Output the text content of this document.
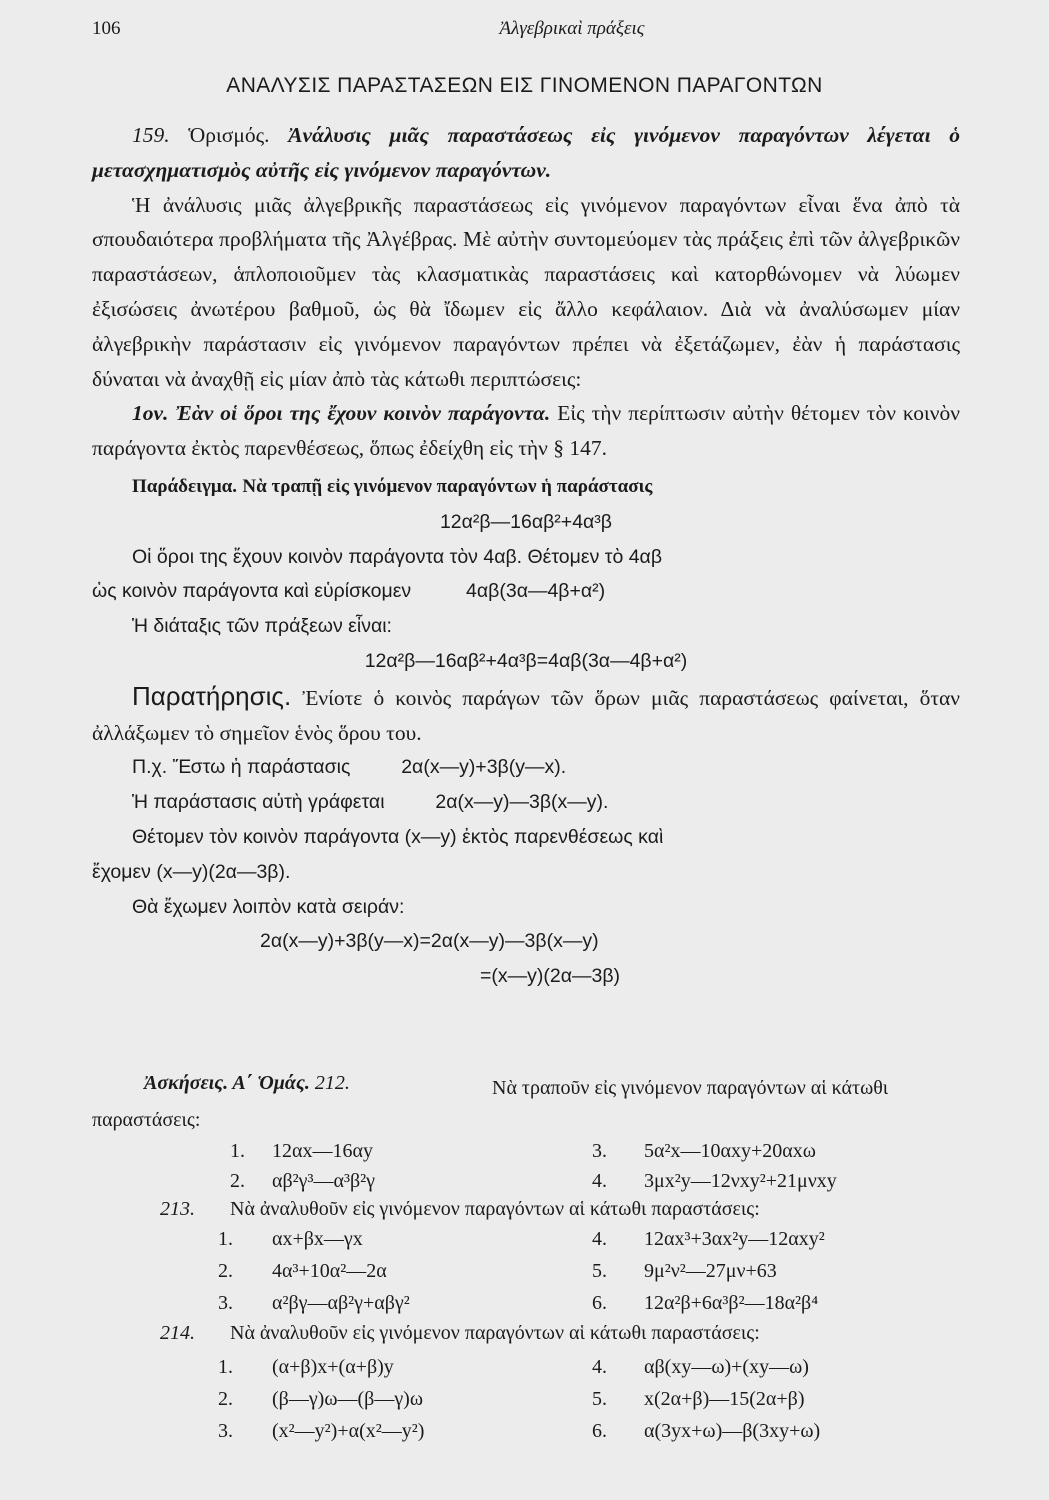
106	Ἀλγεβρικαὶ πράξεις
ΑΝΑΛΥΣΙΣ ΠΑΡΑΣΤΑΣΕΩΝ ΕΙΣ ΓΙΝΟΜΕΝΟΝ ΠΑΡΑΓΟΝΤΩΝ

159. Ὁρισμός. Ἀνάλυσις μιᾶς παραστάσεως εἰς γινόμενον παραγόντων λέγεται ὁ μετασχηματισμὸς αὐτῆς εἰς γινόμενον παραγόντων.

Ἡ ἀνάλυσις μιᾶς ἀλγεβρικῆς παραστάσεως εἰς γινόμενον παραγόντων εἶναι ἕνα ἀπὸ τὰ σπουδαιότερα προβλήματα τῆς Ἀλγέβρας. Μὲ αὐτὴν συντομεύομεν τὰς πράξεις ἐπὶ τῶν ἀλγεβρικῶν παραστάσεων, ἁπλοποιοῦμεν τὰς κλασματικὰς παραστάσεις καὶ κατορθώνομεν νὰ λύωμεν ἐξισώσεις ἀνωτέρου βαθμοῦ, ὡς θὰ ἴδωμεν εἰς ἄλλο κεφάλαιον. Διὰ νὰ ἀναλύσωμεν μίαν ἀλγεβρικὴν παράστασιν εἰς γινόμενον παραγόντων πρέπει νὰ ἐξετάζωμεν, ἐὰν ἡ παράστασις δύναται νὰ ἀναχθῇ εἰς μίαν ἀπὸ τὰς κάτωθι περιπτώσεις:

1ον. Ἐὰν οἱ ὅροι της ἔχουν κοινὸν παράγοντα. Εἰς τὴν περίπτωσιν αὐτὴν θέτομεν τὸν κοινὸν παράγοντα ἐκτὸς παρενθέσεως, ὅπως ἐδείχθη εἰς τὴν § 147.

Παράδειγμα. Νὰ τραπῇ εἰς γινόμενον παραγόντων ἡ παράστασις

12α²β—16αβ²+4α³β

Οἱ ὅροι της ἔχουν κοινὸν παράγοντα τὸν 4αβ. Θέτομεν τὸ 4αβ

ὡς κοινὸν παράγοντα καὶ εὑρίσκομεν	4αβ(3α—4β+α²)

Ἡ διάταξις τῶν πράξεων εἶναι:

12α²β—16αβ²+4α³β=4αβ(3α—4β+α²)

Παρατήρησις. Ἐνίοτε ὁ κοινὸς παράγων τῶν ὅρων μιᾶς παραστάσεως φαίνεται, ὅταν ἀλλάξωμεν τὸ σημεῖον ἑνὸς ὅρου του.

Π.χ. Ἔστω ἡ παράστασις	2α(x—y)+3β(y—x).

Ἡ παράστασις αὐτὴ γράφεται	2α(x—y)—3β(x—y).

Θέτομεν τὸν κοινὸν παράγοντα (x—y) ἐκτὸς παρενθέσεως καὶ

ἔχομεν (x—y)(2α—3β).

Θὰ ἔχωμεν λοιπὸν κατὰ σειράν:

2α(x—y)+3β(y—x)=2α(x—y)—3β(x—y)

=(x—y)(2α—3β)

Ἀσκήσεις. Α΄ Ὁμάς. 212.	Νὰ τραποῦν εἰς γινόμενον παραγόντων αἱ κάτωθι παραστάσεις:
1. 12αx—16αy	3. 5α²x—10αxy+20αxω
2. αβ²γ³—α³β²γ	4. 3μx²y—12νxy²+21μνxy
213. Νὰ ἀναλυθοῦν εἰς γινόμενον παραγόντων αἱ κάτωθι παραστάσεις:
1. αx+βx—γx	4. 12αx³+3αx²y—12αxy²
2. 4α³+10α²—2α	5. 9μ²ν²—27μν+63
3. α²βγ—αβ²γ+αβγ²	6. 12α²β+6α³β²—18α²β⁴
214. Νὰ ἀναλυθοῦν εἰς γινόμενον παραγόντων αἱ κάτωθι παραστάσεις:
1. (α+β)x+(α+β)y	4. αβ(xy—ω)+(xy—ω)
2. (β—γ)ω—(β—γ)ω	5. x(2α+β)—15(2α+β)
3. (x²—y²)+α(x²—y²)	6. α(3yx+ω)—β(3xy+ω)
